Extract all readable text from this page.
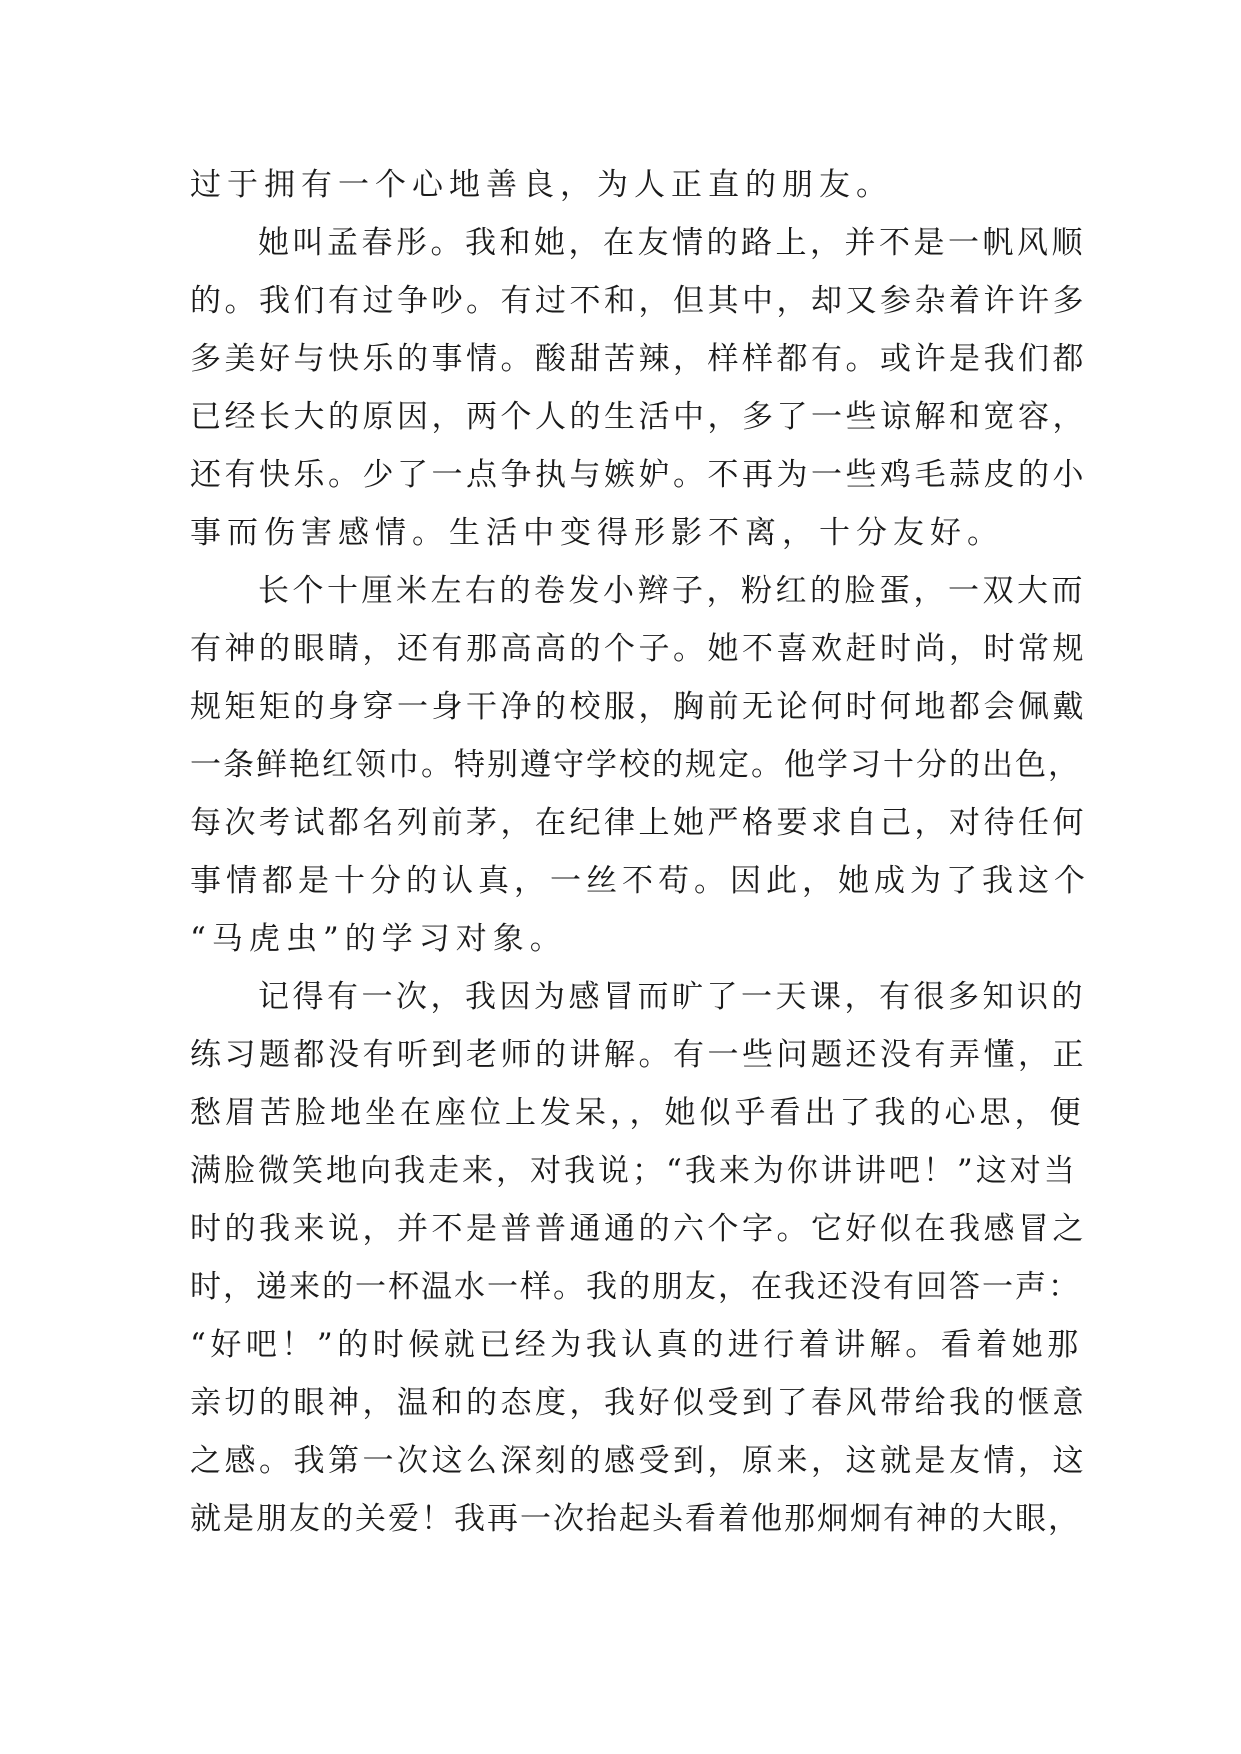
过于拥有一个心地善良，为人正直的朋友。
她叫孟春彤。我和她，在友情的路上，并不是一帆风顺
的。我们有过争吵。有过不和，但其中，却又参杂着许许多
多美好与快乐的事情。酸甜苦辣，样样都有。或许是我们都
已经长大的原因，两个人的生活中，多了一些谅解和宽容，
还有快乐。少了一点争执与嫉妒。不再为一些鸡毛蒜皮的小
事而伤害感情。生活中变得形影不离，十分友好。
长个十厘米左右的卷发小辫子，粉红的脸蛋，一双大而
有神的眼睛，还有那高高的个子。她不喜欢赶时尚，时常规
规矩矩的身穿一身干净的校服，胸前无论何时何地都会佩戴
一条鲜艳红领巾。特别遵守学校的规定。他学习十分的出色，
每次考试都名列前茅，在纪律上她严格要求自己，对待任何
事情都是十分的认真，一丝不苟。因此，她成为了我这个
“马虎虫”的学习对象。
记得有一次，我因为感冒而旷了一天课，有很多知识的
练习题都没有听到老师的讲解。有一些问题还没有弄懂，正
愁眉苦脸地坐在座位上发呆，，她似乎看出了我的心思，便
满脸微笑地向我走来，对我说；“我来为你讲讲吧！”这对当
时的我来说，并不是普普通通的六个字。它好似在我感冒之
时，递来的一杯温水一样。我的朋友，在我还没有回答一声：
“好吧！”的时候就已经为我认真的进行着讲解。看着她那
亲切的眼神，温和的态度，我好似受到了春风带给我的惬意
之感。我第一次这么深刻的感受到，原来，这就是友情，这
就是朋友的关爱！我再一次抬起头看着他那炯炯有神的大眼，
